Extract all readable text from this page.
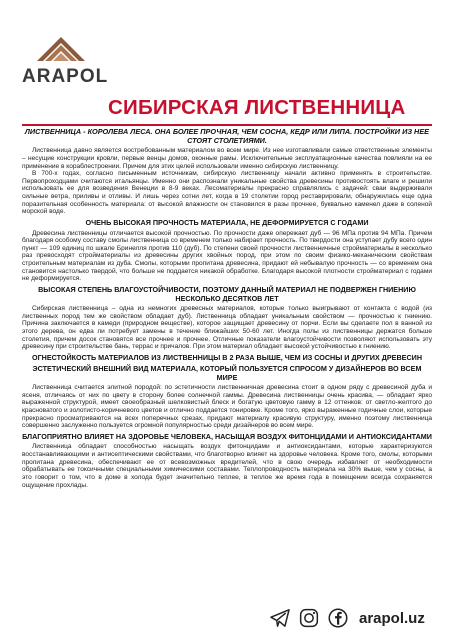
ARAPOL
СИБИРСКАЯ ЛИСТВЕННИЦА
ЛИСТВЕННИЦА - КОРОЛЕВА ЛЕСА. ОНА БОЛЕЕ ПРОЧНАЯ, ЧЕМ СОСНА, КЕДР ИЛИ ЛИПА. ПОСТРОЙКИ ИЗ НЕЕ СТОЯТ СТОЛЕТИЯМИ.

Лиственница давно является востребованным материалом во всем мире. Из нее изготавливали самые ответственные элементы – несущие конструкции кровли, первые венцы домов, оконные рамы. Исключительные эксплуатационные качества повлияли на ее применение в кораблестроении. Причем для этих целей использовали именно сибирскую лиственницу.

В 700-х годах, согласно письменным источникам, сибирскую лиственницу начали активно применять в строительстве. Первопроходцами считаются итальянцы. Именно они распознали уникальные свойства древесины противостоять влаге и решили использовать ее для возведения Венеции в 8-9 веках. Лесоматериалы прекрасно справлялись с задачей: сваи выдерживали сильные ветра, приливы и отливы. И лишь через сотни лет, когда в 19 столетии город реставрировали, обнаружилась еще одна поразительная особенность материала: от высокой влажности он становился в разы прочнее, буквально каменел даже в соленой морской воде.

ОЧЕНЬ ВЫСОКАЯ ПРОЧНОСТЬ МАТЕРИАЛА, НЕ ДЕФОРМИРУЕТСЯ С ГОДАМИ

Древесина лиственницы отличается высокой прочностью. По прочности даже опережает дуб — 96 МПа против 94 МПа. Причем благодаря особому составу смолы лиственница со временем только набирает прочность. По твердости она уступает дубу всего один пункт — 109 единиц по шкале Бринелля против 110 (дуб). По степени своей прочности лиственничные стройматериалы в несколько раз превосходят стройматериалы из древесины других хвойных пород, при этом по своим физико-механическим свойствам строительным материалам из дуба. Смолы, которыми пропитана древесина, придают ей небывалую прочность — со временем она становится настолько твердой, что больше не поддается никакой обработке. Благодаря высокой плотности стройматериал с годами не деформируется.

ВЫСОКАЯ СТЕПЕНЬ ВЛАГОУСТОЙЧИВОСТИ, ПОЭТОМУ ДАННЫЙ МАТЕРИАЛ НЕ ПОДВЕРЖЕН ГНИЕНИЮ НЕСКОЛЬКО ДЕСЯТКОВ ЛЕТ

Сибирская лиственница – одна из немногих древесных материалов, которые только выигрывают от контакта с водой (из лиственных пород тем же свойством обладает дуб). Лиственница обладает уникальным свойством — прочностью к гниению. Причина заключается в камеди (природном веществе), которое защищает древесину от порчи. Если вы сделаете пол в ванной из этого дерева, он едва ли потребует замены в течение ближайших 50-60 лет. Иногда полы из лиственницы держатся больше столетия, причем досок становятся все прочнее и прочнее. Отличные показатели влагоустойчивости позволяют использовать эту древесину при строительстве бань, террас и причалов. При этом материал обладает высокой устойчивостью к гниению.

ОГНЕСТОЙКОСТЬ МАТЕРИАЛОВ ИЗ ЛИСТВЕННИЦЫ В 2 РАЗА ВЫШЕ, ЧЕМ ИЗ СОСНЫ И ДРУГИХ ДРЕВЕСИН
ЭСТЕТИЧЕСКИЙ ВНЕШНИЙ ВИД МАТЕРИАЛА, КОТОРЫЙ ПОЛЬЗУЕТСЯ СПРОСОМ У ДИЗАЙНЕРОВ ВО ВСЕМ МИРЕ

Лиственница считается элитной породой: по эстетичности лиственничная древесина стоит в одном ряду с древесиной дуба и ясеня, отличаясь от них по цвету в сторону более солнечной гаммы. Древесина лиственницы очень красива, — обладает ярко выраженной структурой, имеет своеобразный шелковистый блеск и богатую цветовую гамму в 12 оттенков: от светло-желтого до красноватого и золотисто-коричневого цветов и отлично поддается тонировке. Кроме того, ярко выраженные годичные слои, которые прекрасно просматриваются на всех поперечных срезах, придают материалу красивую структуру, именно поэтому лиственница совершенно заслуженно пользуется огромной популярностью среди дизайнеров во всем мире.

БЛАГОПРИЯТНО ВЛИЯЕТ НА ЗДОРОВЬЕ ЧЕЛОВЕКА, НАСЫЩАЯ ВОЗДУХ ФИТОНЦИДАМИ И АНТИОКСИДАНТАМИ

Лиственница обладает способностью насыщать воздух фитонцидами и антиоксидантами, которые характеризуются восстанавливающими и антисептическими свойствами, что благотворно влияет на здоровье человека. Кроме того, смолы, которыми пропитана древесина, обеспечивают ее от всевозможных вредителей, что в свою очередь избавляет от необходимости обрабатывать ее токсичными специальными химическими составами. Теплопроводность материала на 30% выше, чем у сосны, а это говорит о том, что в доме в холода будет значительно теплее, в теплое же время года в помещении всегда сохраняется ощущение прохлады.

arapol.uz
